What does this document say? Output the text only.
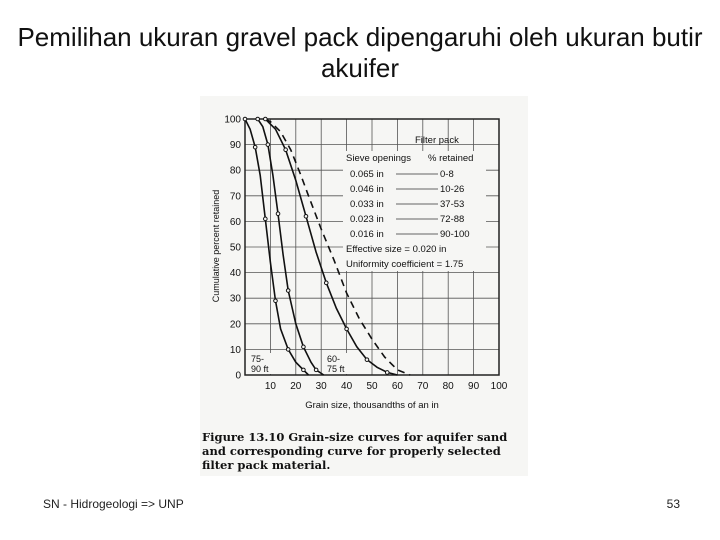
Pemilihan ukuran gravel pack dipengaruhi oleh ukuran butir akuifer
10 20 30 40 50 60 70 80 90 100
0
10
20
30
40
50
60
70
80
90
100
Grain size, thousandths of an in
Cumulative percent retained
Filter pack
Sieve openings % retained
0.065 in	0-8
0.046 in	10-26
0.033 in	37-53
0.023 in	72-88
0.016 in	90-100
Effective size = 0.020 in
Uniformity coefficient = 1.75
75-
90 ft
60-
75 ft
Figure 13.10 Grain-size curves for aquifer sand and corresponding curve for properly selected filter pack material.
SN - Hidrogeologi => UNP	53
